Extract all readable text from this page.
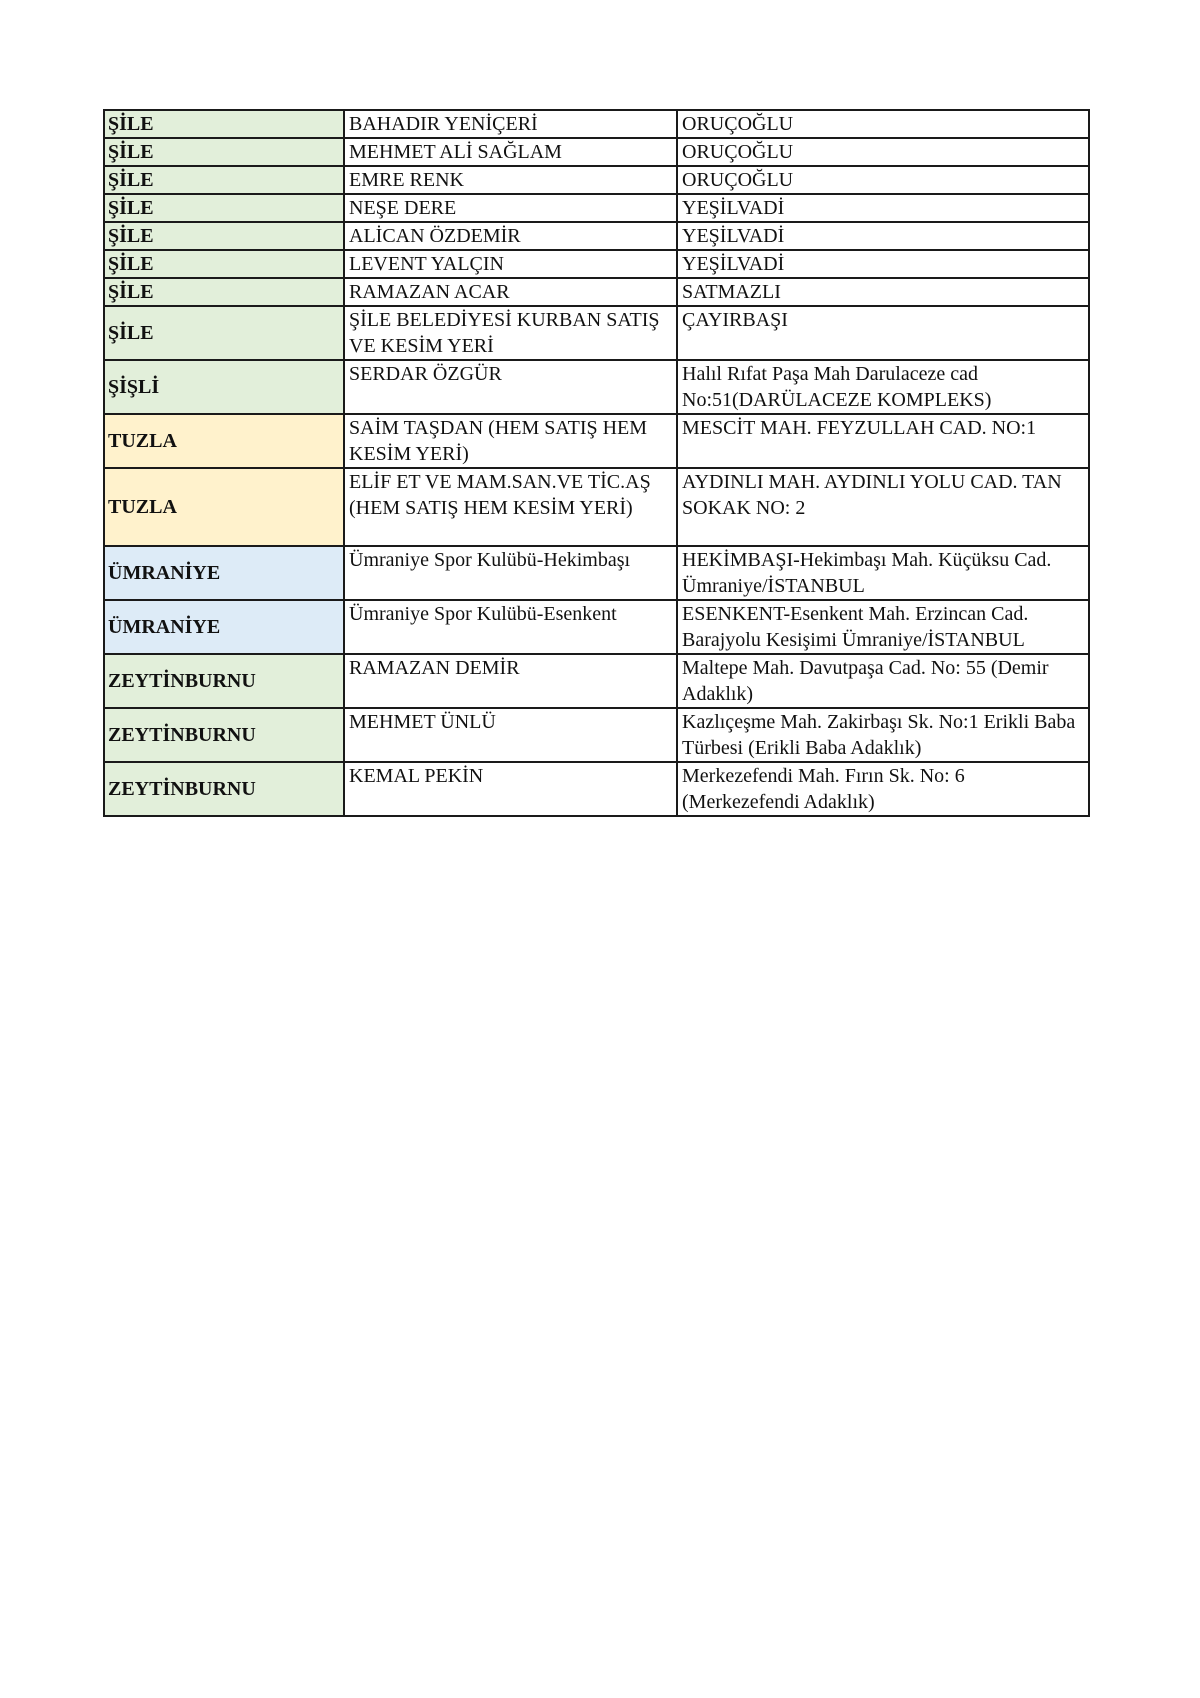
ŞİLE	BAHADIR YENİÇERİ	ORUÇOĞLU
ŞİLE	MEHMET ALİ SAĞLAM	ORUÇOĞLU
ŞİLE	EMRE RENK	ORUÇOĞLU
ŞİLE	NEŞE DERE	YEŞİLVADİ
ŞİLE	ALİCAN ÖZDEMİR	YEŞİLVADİ
ŞİLE	LEVENT YALÇIN	YEŞİLVADİ
ŞİLE	RAMAZAN ACAR	SATMAZLI
ŞİLE	ŞİLE BELEDİYESİ KURBAN SATIŞ VE KESİM YERİ	ÇAYIRBAŞI
ŞİŞLİ	SERDAR ÖZGÜR	Halıl Rıfat Paşa Mah Darulaceze cad No:51(DARÜLACEZE KOMPLEKS)
TUZLA	SAİM TAŞDAN (HEM SATIŞ HEM KESİM YERİ)	MESCİT MAH. FEYZULLAH CAD. NO:1
TUZLA	ELİF ET VE MAM.SAN.VE TİC.AŞ (HEM SATIŞ HEM KESİM YERİ)	AYDINLI MAH. AYDINLI YOLU CAD. TAN SOKAK NO: 2
ÜMRANİYE	Ümraniye Spor Kulübü-Hekimbaşı	HEKİMBAŞI-Hekimbaşı Mah. Küçüksu Cad. Ümraniye/İSTANBUL
ÜMRANİYE	Ümraniye Spor Kulübü-Esenkent	ESENKENT-Esenkent Mah. Erzincan Cad. Barajyolu Kesişimi Ümraniye/İSTANBUL
ZEYTİNBURNU	RAMAZAN DEMİR	Maltepe Mah. Davutpaşa Cad. No: 55 (Demir Adaklık)
ZEYTİNBURNU	MEHMET ÜNLÜ	Kazlıçeşme Mah. Zakirbaşı Sk. No:1 Erikli Baba Türbesi (Erikli Baba Adaklık)
ZEYTİNBURNU	KEMAL PEKİN	Merkezefendi Mah. Fırın Sk. No: 6 (Merkezefendi Adaklık)
